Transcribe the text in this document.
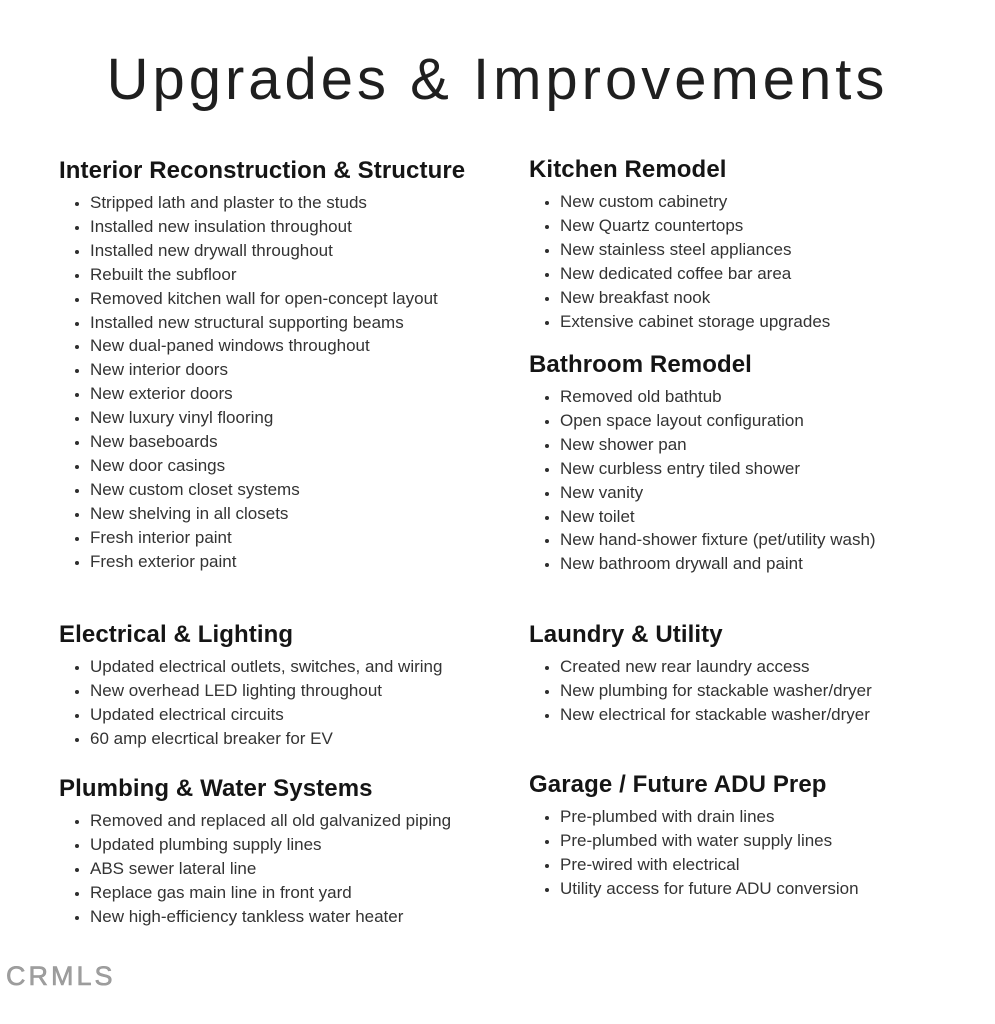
Upgrades & Improvements
Interior Reconstruction & Structure
• Stripped lath and plaster to the studs
• Installed new insulation throughout
• Installed new drywall throughout
• Rebuilt the subfloor
• Removed kitchen wall for open-concept layout
• Installed new structural supporting beams
• New dual-paned windows throughout
• New interior doors
• New exterior doors
• New luxury vinyl flooring
• New baseboards
• New door casings
• New custom closet systems
• New shelving in all closets
• Fresh interior paint
• Fresh exterior paint
Electrical & Lighting
• Updated electrical outlets, switches, and wiring
• New overhead LED lighting throughout
• Updated electrical circuits
• 60 amp elecrtical breaker for EV
Plumbing & Water Systems
• Removed and replaced all old galvanized piping
• Updated plumbing supply lines
• ABS sewer lateral line
• Replace gas main line in front yard
• New high-efficiency tankless water heater
Kitchen Remodel
• New custom cabinetry
• New Quartz countertops
• New stainless steel appliances
• New dedicated coffee bar area
• New breakfast nook
• Extensive cabinet storage upgrades
Bathroom Remodel
• Removed old bathtub
• Open space layout configuration
• New shower pan
• New curbless entry tiled shower
• New vanity
• New toilet
• New hand-shower fixture (pet/utility wash)
• New bathroom drywall and paint
Laundry & Utility
• Created new rear laundry access
• New plumbing for stackable washer/dryer
• New electrical for stackable washer/dryer
Garage / Future ADU Prep
• Pre-plumbed with drain lines
• Pre-plumbed with water supply lines
• Pre-wired with electrical
• Utility access for future ADU conversion
CRMLS
